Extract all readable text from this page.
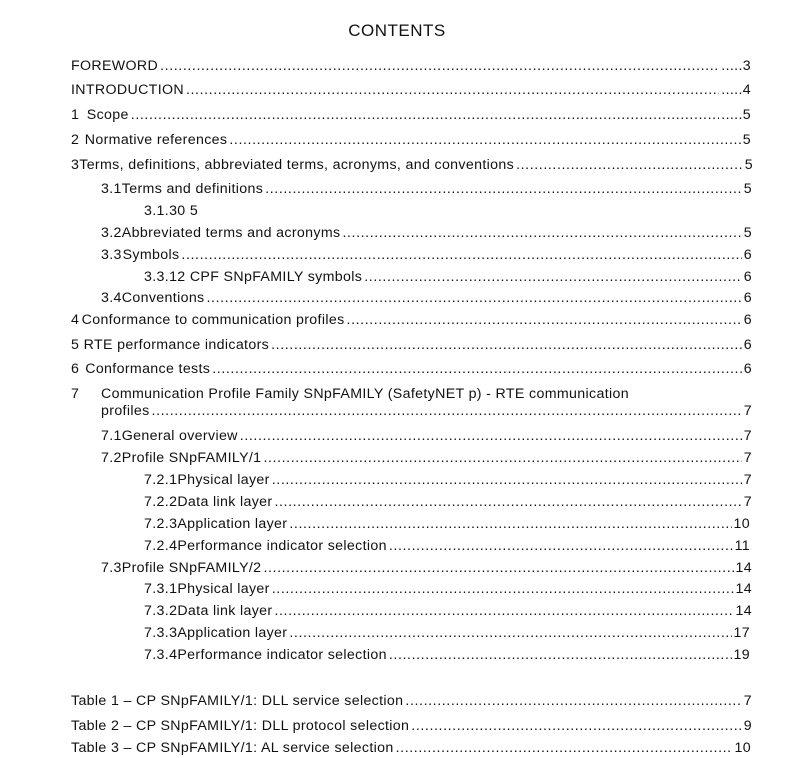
CONTENTS
FOREWORD .....	.....3
INTRODUCTION .....	.....4
1 Scope .....	.....5
2 Normative references .....	5
3 Terms, definitions, abbreviated terms, acronyms, and conventions .....	5
3.1 Terms and definitions .....	5
3.1.30 5
3.2 Abbreviated terms and acronyms .....	5
3.3 Symbols .....	6
3.3.12 CPF SNpFAMILY symbols .....	6
3.4 Conventions .....	6
4 Conformance to communication profiles .....	6
5 RTE performance indicators .....	6
6 Conformance tests .....	6
7 Communication Profile Family SNpFAMILY (SafetyNET p) - RTE communication
profiles .....	7
7.1 General overview .....	7
7.2 Profile SNpFAMILY/1 .....	7
7.2.1 Physical layer .....	7
7.2.2 Data link layer .....	7
7.2.3 Application layer .....	10
7.2.4 Performance indicator selection .....	11
7.3 Profile SNpFAMILY/2 .....	14
7.3.1 Physical layer .....	14
7.3.2 Data link layer .....	14
7.3.3 Application layer .....	17
7.3.4 Performance indicator selection .....	19
Table 1 – CP SNpFAMILY/1: DLL service selection .....	7
Table 2 – CP SNpFAMILY/1: DLL protocol selection .....	9
Table 3 – CP SNpFAMILY/1: AL service selection .....	10
